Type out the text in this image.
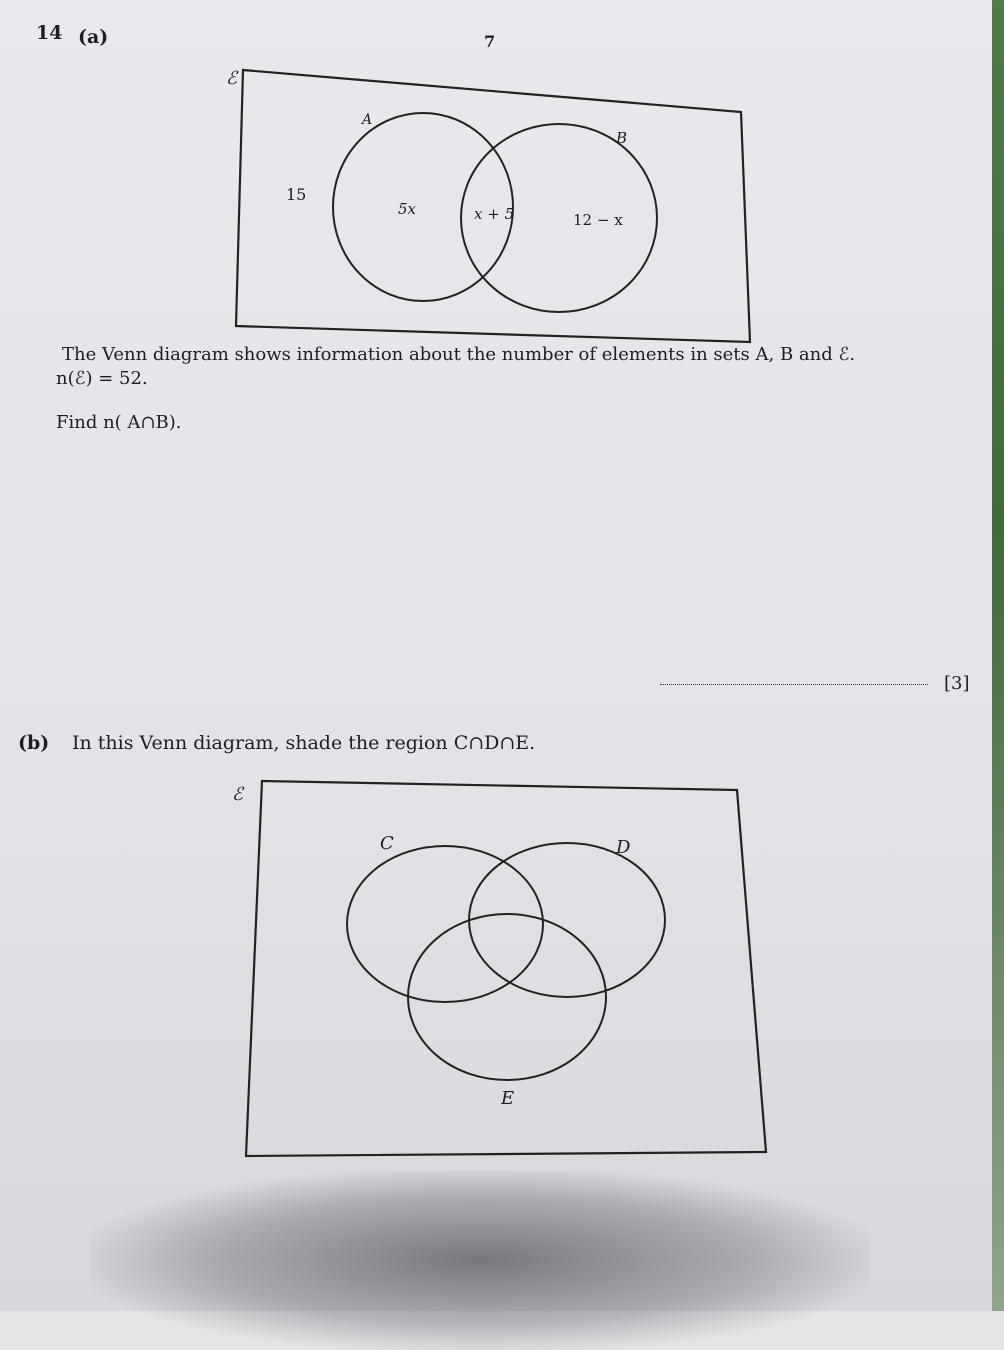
14 (a)	7
ℰ
A
B
15
5x	x + 5	12 − x
ℰ
C	D
E
The Venn diagram shows information about the number of elements in sets A, B and ℰ.
n(ℰ) = 52.
Find n( A∩B).
[3]
(b) In this Venn diagram, shade the region C∩D∩E.
